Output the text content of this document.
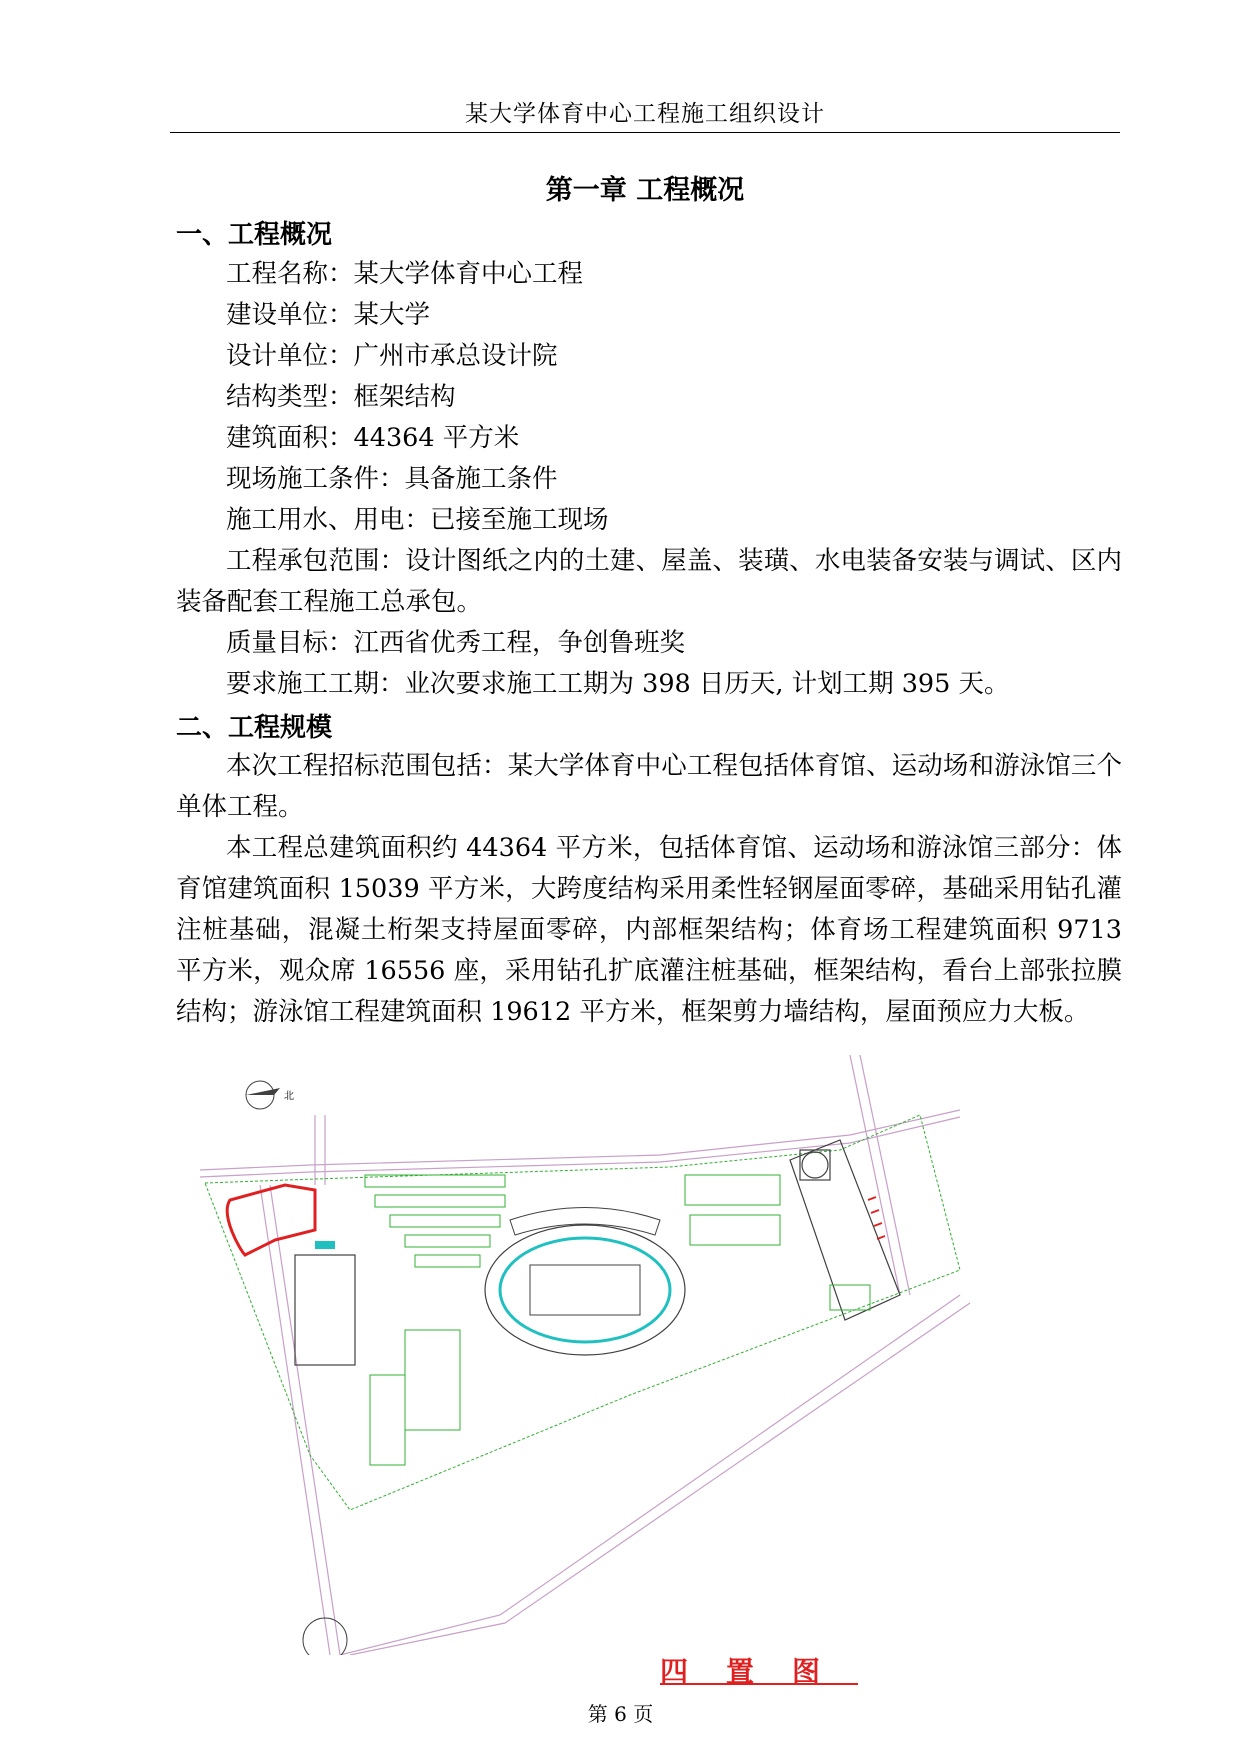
某大学体育中心工程施工组织设计
第一章 工程概况
一、工程概况
工程名称：某大学体育中心工程
建设单位：某大学
设计单位：广州市承总设计院
结构类型：框架结构
建筑面积：44364 平方米
现场施工条件：具备施工条件
施工用水、用电：已接至施工现场
工程承包范围：设计图纸之内的土建、屋盖、装璜、水电装备安装与调试、区内装备配套工程施工总承包。
质量目标：江西省优秀工程，争创鲁班奖
要求施工工期：业次要求施工工期为 398 日历天, 计划工期 395 天。
二、工程规模
本次工程招标范围包括：某大学体育中心工程包括体育馆、运动场和游泳馆三个单体工程。
本工程总建筑面积约 44364 平方米，包括体育馆、运动场和游泳馆三部分：体育馆建筑面积 15039 平方米，大跨度结构采用柔性轻钢屋面零碎，基础采用钻孔灌注桩基础，混凝土桁架支持屋面零碎，内部框架结构；体育场工程建筑面积 9713 平方米，观众席 16556 座，采用钻孔扩底灌注桩基础，框架结构，看台上部张拉膜结构；游泳馆工程建筑面积 19612 平方米，框架剪力墙结构，屋面预应力大板。
北
四置图
第 6 页
